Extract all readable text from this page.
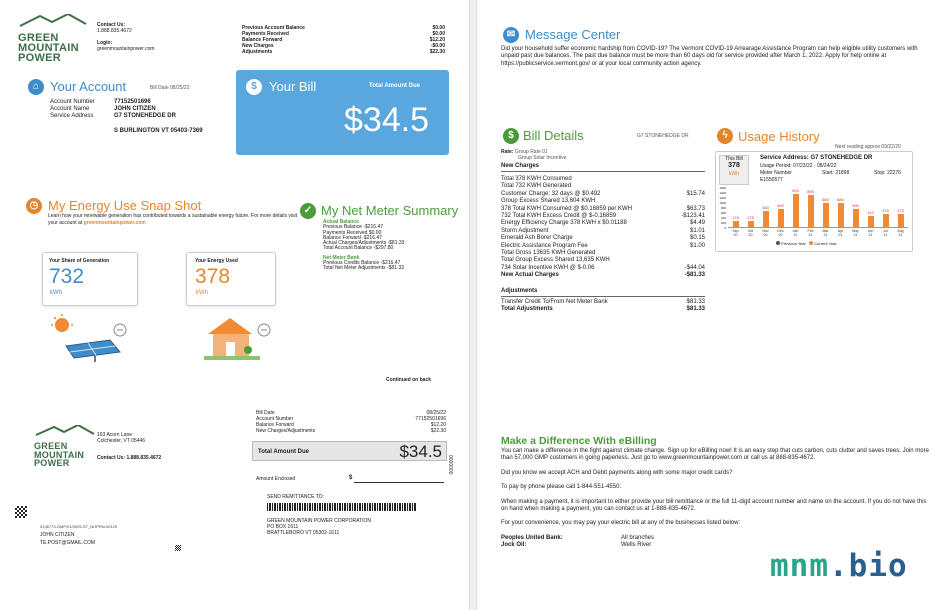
GREEN
MOUNTAIN
POWER
Contact Us:
1.888.835.4672
Login:
greenmountainpower.com
Previous Account Balance	$0.00
Payments Received	$0.00
Balance Forward	$12.20
New Charges	-$0.00
Adjustments	$22.30
⌂ Your Account	Bill Date 08/25/22
Account Number	77152501696
Account Name	JOHN CITIZEN
Service Address	G7 STONEHEDGE DR
S BURLINGTON VT 05403-7369
$ Your Bill	Total Amount Due
$34.5
◷ My Energy Use Snap Shot
Learn how your renewable generation has contributed towards a sustainable energy future. For more details visit your account at greenmountainpower.com
Your Share of Generation
732
kWh
Your Energy Used
378
kWh
✓ My Net Meter Summary
Actual Balance
Previous Balance -$216.47
Payments Received $0.00
Balance Forward -$216.47
Actual Charges/Adjustments -$81.33
Total Account Balance -$297.80
Net Meter Bank
Previous Credits Balance -$216.47
Total Net Meter Adjustments -$81.33
Continued on back
GREEN
MOUNTAIN
POWER
163 Acorn Lane
Colchester, VT 05446
Contact Us: 1.888.835.4672
Bill Date	08/25/22
Account Number	77152501696
Balance Forward	$12.20
New Charges/Adjustments	$22.30
Total Amount Due	$34.5
Amount Enclosed	$
0000000
SEND REMITTANCE TO:
GREEN MOUNTAIN POWER CORPORATION
PO BOX 1611
BRATTLEBORO VT 05302-1611
0136773-GMP/01/0025-ST_NOPRN-00125
JOHN CITIZEN
TE.POST@GMAIL.COM
✉ Message Center
Did your household suffer economic hardship from COVID-19? The Vermont COVID-19 Arrearage Assistance Program can help eligible utility customers with unpaid past due balances. The past due balance must be more than 60 days old for service provided after March 1, 2022. Apply for help online at https://publicservice.vermont.gov/ or at your local community action agency.
$ Bill Details	G7 STONEHEDGE DR
Rate: Group Rate 01
Group Solar Incentive
New Charges
Total 378 KWH Consumed
Total 732 KWH Generated
Customer Charge: 32 days @ $0.492	$15.74
Group Excess Shared 13,604 KWH
378 Total KWH Consumed @ $0.16859 per KWH	$63.73
732 Total KWH Excess Credit @ $-0.16859	-$123.41
Energy Efficiency Charge 378 KWH x $0.01188	$4.49
Storm Adjustment	$1.01
Emerald Ash Borer Charge	$0.15
Electric Assistance Program Fee	$1.00
Total Gross 13635 KWH Generated
Total Group Excess Shared 13,635 KWH
734 Solar Incentive KWH @ $-0.06	-$44.04
New Actual Charges	-$81.33
Adjustments
Transfer Credit To/From Net Meter Bank	$81.33
Total Adjustments	$81.33
ϟ Usage History
Next reading approx 09/22/20
This Bill
378
kWh
Service Address: G7 STONEHEDGE DR
Usage Period: 07/23/22 - 08/24/22
Meter Number	Start: 21898	Stop: 22276
E1550577
1600
1400
1200
1000
800
600
400
200
0
175	175
450	490
920	890
680	680
490
310	375	375
Sep
20
Oct
20
Nov
20
Dec
20
Jan
21
Feb
21
Mar
21
Apr
21
May
21
Jun
21
Jul
21
Aug
21
Previous Year Current Year
Make a Difference With eBilling
You can make a difference in the fight against climate change. Sign up for eBilling now! It is an easy step that cuts carbon, cuts clutter and saves trees. Join more than 57,000 GMP customers in going paperless. Just go to www.greenmountainpower.com or call us at 888-835-4672.
Did you know we accept ACH and Debit payments along with some major credit cards?
To pay by phone please call 1-844-551-4550.
When making a payment, it is important to either provide your bill remittance or the full 11-digit account number and name on the account. If you do not have this on hand when making a payment, you can contact us at 1-888-835-4672.
For your convenience, you may pay your electric bill at any of the businesses listed below:
Peoples United Bank:	All branches
Jock Oil:	Wells River
mnm.bio
